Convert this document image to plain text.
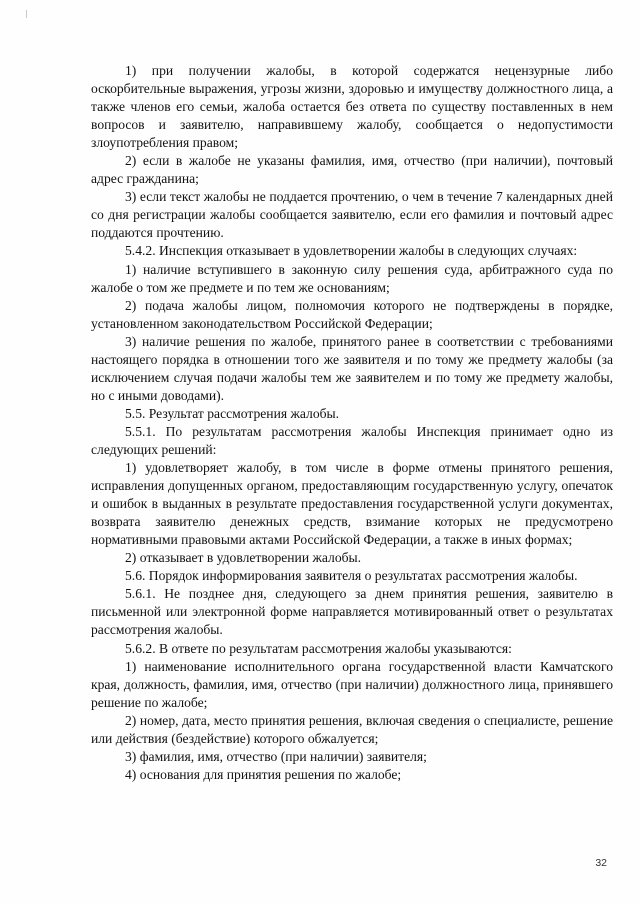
1) при получении жалобы, в которой содержатся нецензурные либо оскорбительные выражения, угрозы жизни, здоровью и имуществу должностного лица, а также членов его семьи, жалоба остается без ответа по существу поставленных в нем вопросов и заявителю, направившему жалобу, сообщается о недопустимости злоупотребления правом;

2) если в жалобе не указаны фамилия, имя, отчество (при наличии), почтовый адрес гражданина;

3) если текст жалобы не поддается прочтению, о чем в течение 7 календарных дней со дня регистрации жалобы сообщается заявителю, если его фамилия и почтовый адрес поддаются прочтению.

5.4.2. Инспекция отказывает в удовлетворении жалобы в следующих случаях:

1) наличие вступившего в законную силу решения суда, арбитражного суда по жалобе о том же предмете и по тем же основаниям;

2) подача жалобы лицом, полномочия которого не подтверждены в порядке, установленном законодательством Российской Федерации;

3) наличие решения по жалобе, принятого ранее в соответствии с требованиями настоящего порядка в отношении того же заявителя и по тому же предмету жалобы (за исключением случая подачи жалобы тем же заявителем и по тому же предмету жалобы, но с иными доводами).

5.5. Результат рассмотрения жалобы.

5.5.1. По результатам рассмотрения жалобы Инспекция принимает одно из следующих решений:

1) удовлетворяет жалобу, в том числе в форме отмены принятого решения, исправления допущенных органом, предоставляющим государственную услугу, опечаток и ошибок в выданных в результате предоставления государственной услуги документах, возврата заявителю денежных средств, взимание которых не предусмотрено нормативными правовыми актами Российской Федерации, а также в иных формах;

2) отказывает в удовлетворении жалобы.

5.6. Порядок информирования заявителя о результатах рассмотрения жалобы.

5.6.1. Не позднее дня, следующего за днем принятия решения, заявителю в письменной или электронной форме направляется мотивированный ответ о результатах рассмотрения жалобы.

5.6.2. В ответе по результатам рассмотрения жалобы указываются:

1) наименование исполнительного органа государственной власти Камчатского края, должность, фамилия, имя, отчество (при наличии) должностного лица, принявшего решение по жалобе;

2) номер, дата, место принятия решения, включая сведения о специалисте, решение или действия (бездействие) которого обжалуется;

3) фамилия, имя, отчество (при наличии) заявителя;

4) основания для принятия решения по жалобе;

32
